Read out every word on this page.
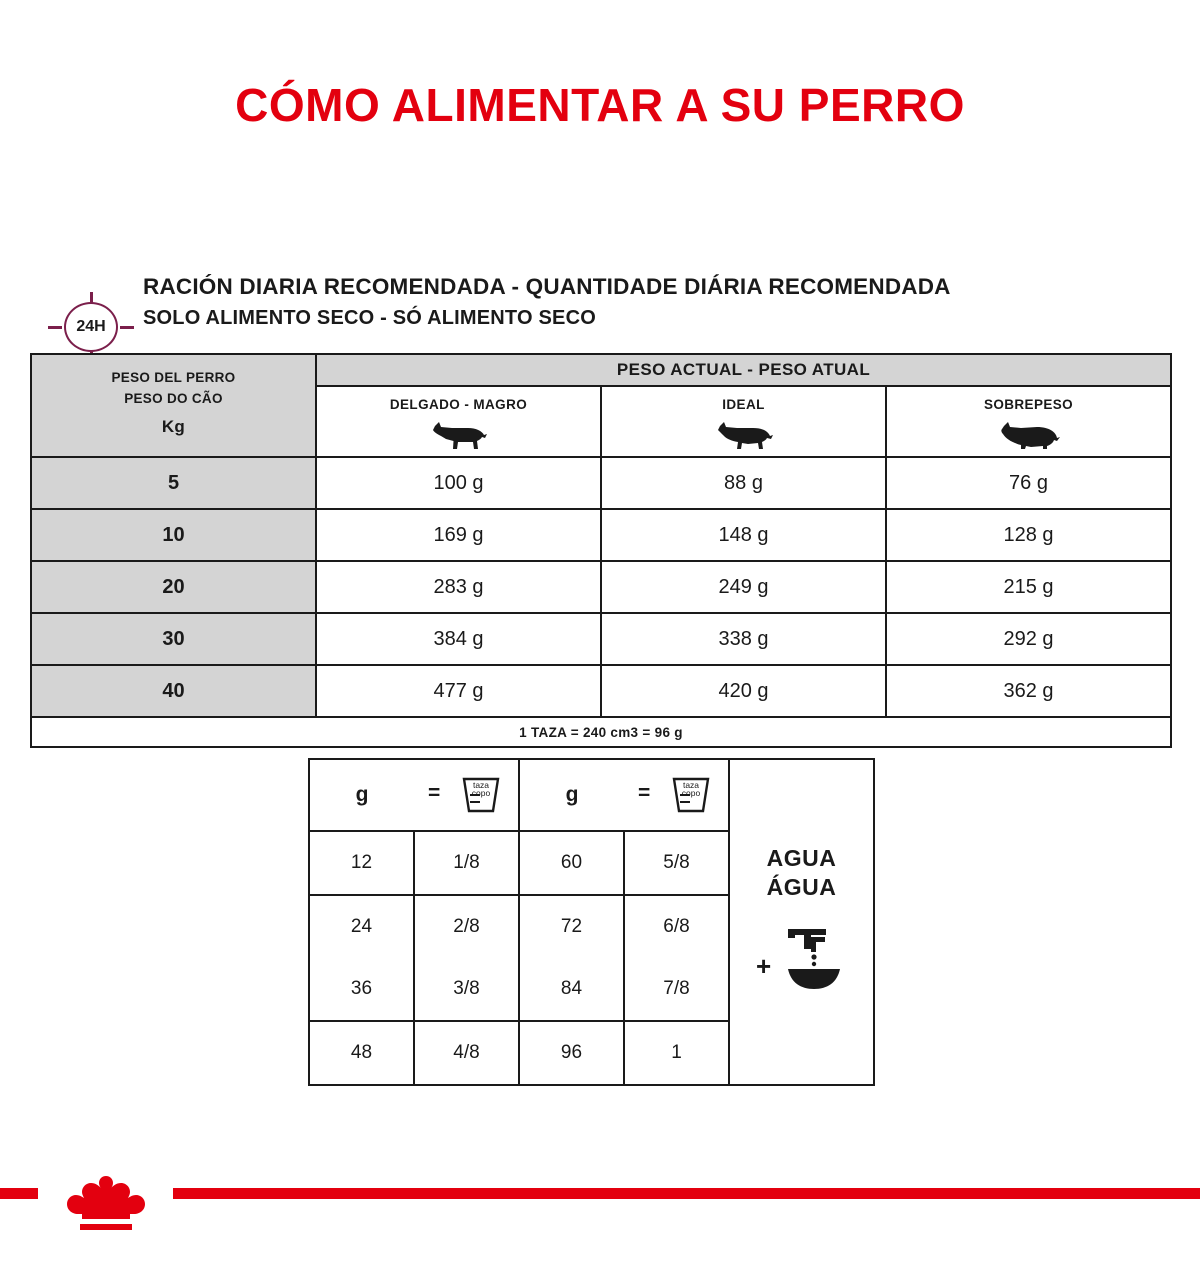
CÓMO ALIMENTAR A SU PERRO
24H
RACIÓN DIARIA RECOMENDADA - QUANTIDADE DIÁRIA RECOMENDADA
SOLO ALIMENTO SECO - SÓ ALIMENTO SECO
PESO DEL PERRO
PESO DO CÃO
Kg	PESO ACTUAL - PESO ATUAL		
	DELGADO - MAGRO	IDEAL	SOBREPESO

5	100 g	88 g	76 g
10	169 g	148 g	128 g
20	283 g	249 g	215 g
30	384 g	338 g	292 g
40	477 g	420 g	362 g
1 TAZA = 240 cm3 = 96 g			
g	=	taza
copo	g	=	taza
copo

AGUA
ÁGUA
+

12	1/8	60	5/8	
24	2/8	72	6/8	
36	3/8	84	7/8	
48	4/8	96	1	
